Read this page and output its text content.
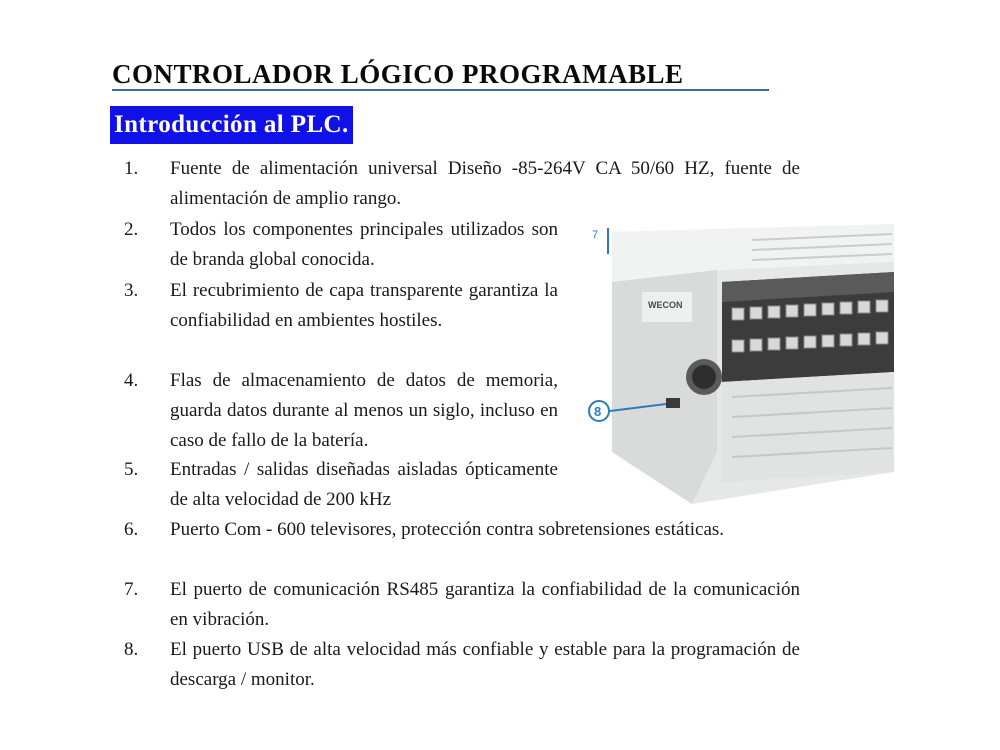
CONTROLADOR LÓGICO PROGRAMABLE
Introducción al PLC.
1. Fuente de alimentación universal Diseño -85-264V CA 50/60 HZ, fuente de alimentación de amplio rango.
2. Todos los componentes principales utilizados son de branda global conocida.
3. El recubrimiento de capa transparente garantiza la confiabilidad en ambientes hostiles.
4. Flas de almacenamiento de datos de memoria, guarda datos durante al menos un siglo, incluso en caso de fallo de la batería.
5. Entradas / salidas diseñadas aisladas ópticamente de alta velocidad de 200 kHz
6. Puerto Com - 600 televisores, protección contra sobretensiones estáticas.
7. El puerto de comunicación RS485 garantiza la confiabilidad de la comunicación en vibración.
8. El puerto USB de alta velocidad más confiable y estable para la programación de descarga / monitor.
WECON
7
8
